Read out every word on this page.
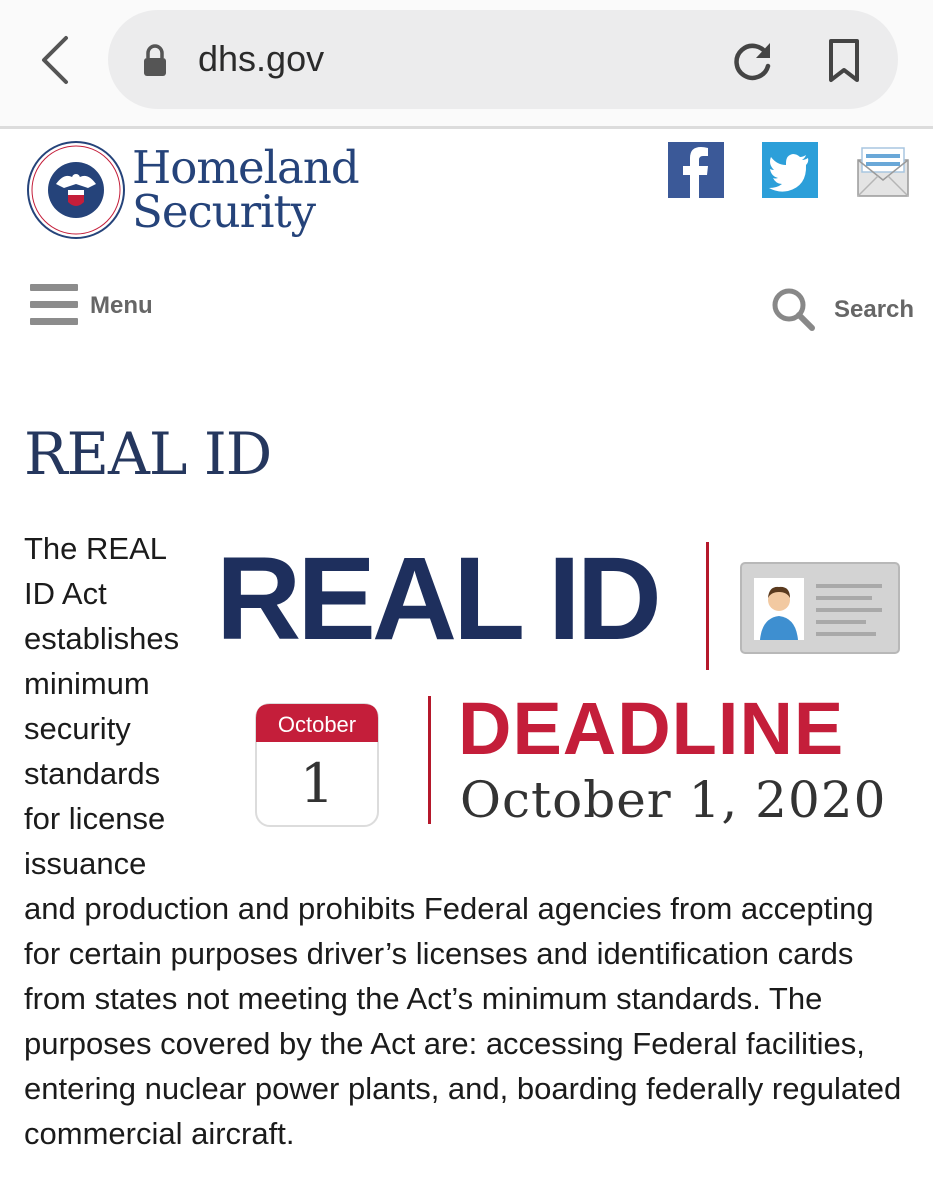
dhs.gov
Homeland
Security
Menu	Search
REAL ID
REAL ID
October
1
DEADLINE
October 1, 2020

The REAL ID Act establishes minimum security standards for license issuance and production and prohibits Federal agencies from accepting for certain purposes driver’s licenses and identification cards from states not meeting the Act’s minimum standards. The purposes covered by the Act are: accessing Federal facilities, entering nuclear power plants, and, boarding federally regulated commercial aircraft.
